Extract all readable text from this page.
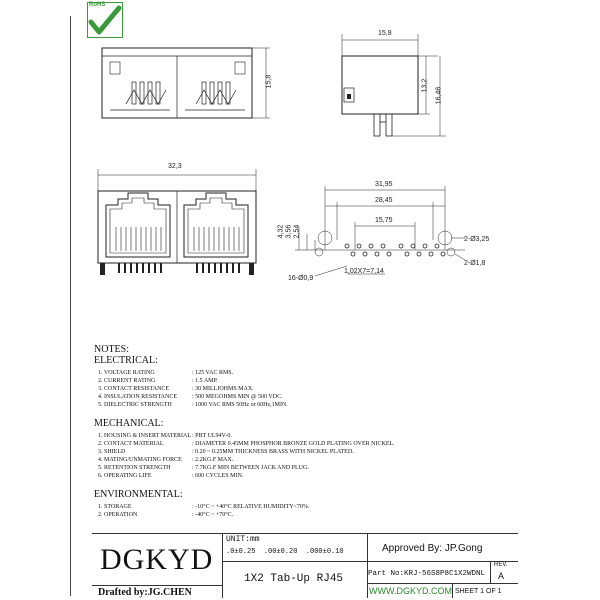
RoHS
15,8
15,8
13,2
16,46
32,3
31,95
28,45
15,75
4,32 3,56 2,54
2-Ø3,25
2-Ø1,8
16-Ø0,9
1,02X7=7,14
NOTES:
ELECTRICAL:
1. VOLTAGE RATING	: 125 VAC RMS.
2. CURRENT RATING	: 1.5 AMP.
3. CONTACT RESISTANCE	: 30 MILLIOHMS MAX.
4. INSULATION RESISTANCE : 500 MEGOHMS MIN @ 500 VDC.
5. DIELECTRIC STRENGTH	: 1000 VAC RMS 50Hz or 60Hz,1MIN.
MECHANICAL:
1. HOUSING & INSERT MATERIAL: PBT UL94V-0.
2. CONTACT MATERIAL	: DIAMETER 0.45MM PHOSPHOR BRONZE GOLD PLATING OVER NICKEL.
3. SHIELD	: 0.20 ~ 0.25MM THICKNESS BRASS WITH NICKEL PLATED.
4. MATING/UNMATING FORCE : 2.2KG.F MAX.
5. RETENTION STRENGTH	: 7.7KG.F MIN BETWEEN JACK AND PLUG.
6. OPERATING LIFE	: 600 CYCLES MIN.
ENVIRONMENTAL:
1. STORAGE	: -10°C ~ +40°C RELATIVE HUMIDITY<70%.
2. OPERATION	: -40°C ~ +70°C.
DGKYD
Drafted by:JG.CHEN
UNIT:mm
.0±0.25  .00±0.20  .000±0.10
1X2 Tab-Up RJ45
Approved By: JP.Gong
REV.
A
Part No:KRJ-56S8P8C1X2WDNL
WWW.DGKYD.COM SHEET 1 OF 1
